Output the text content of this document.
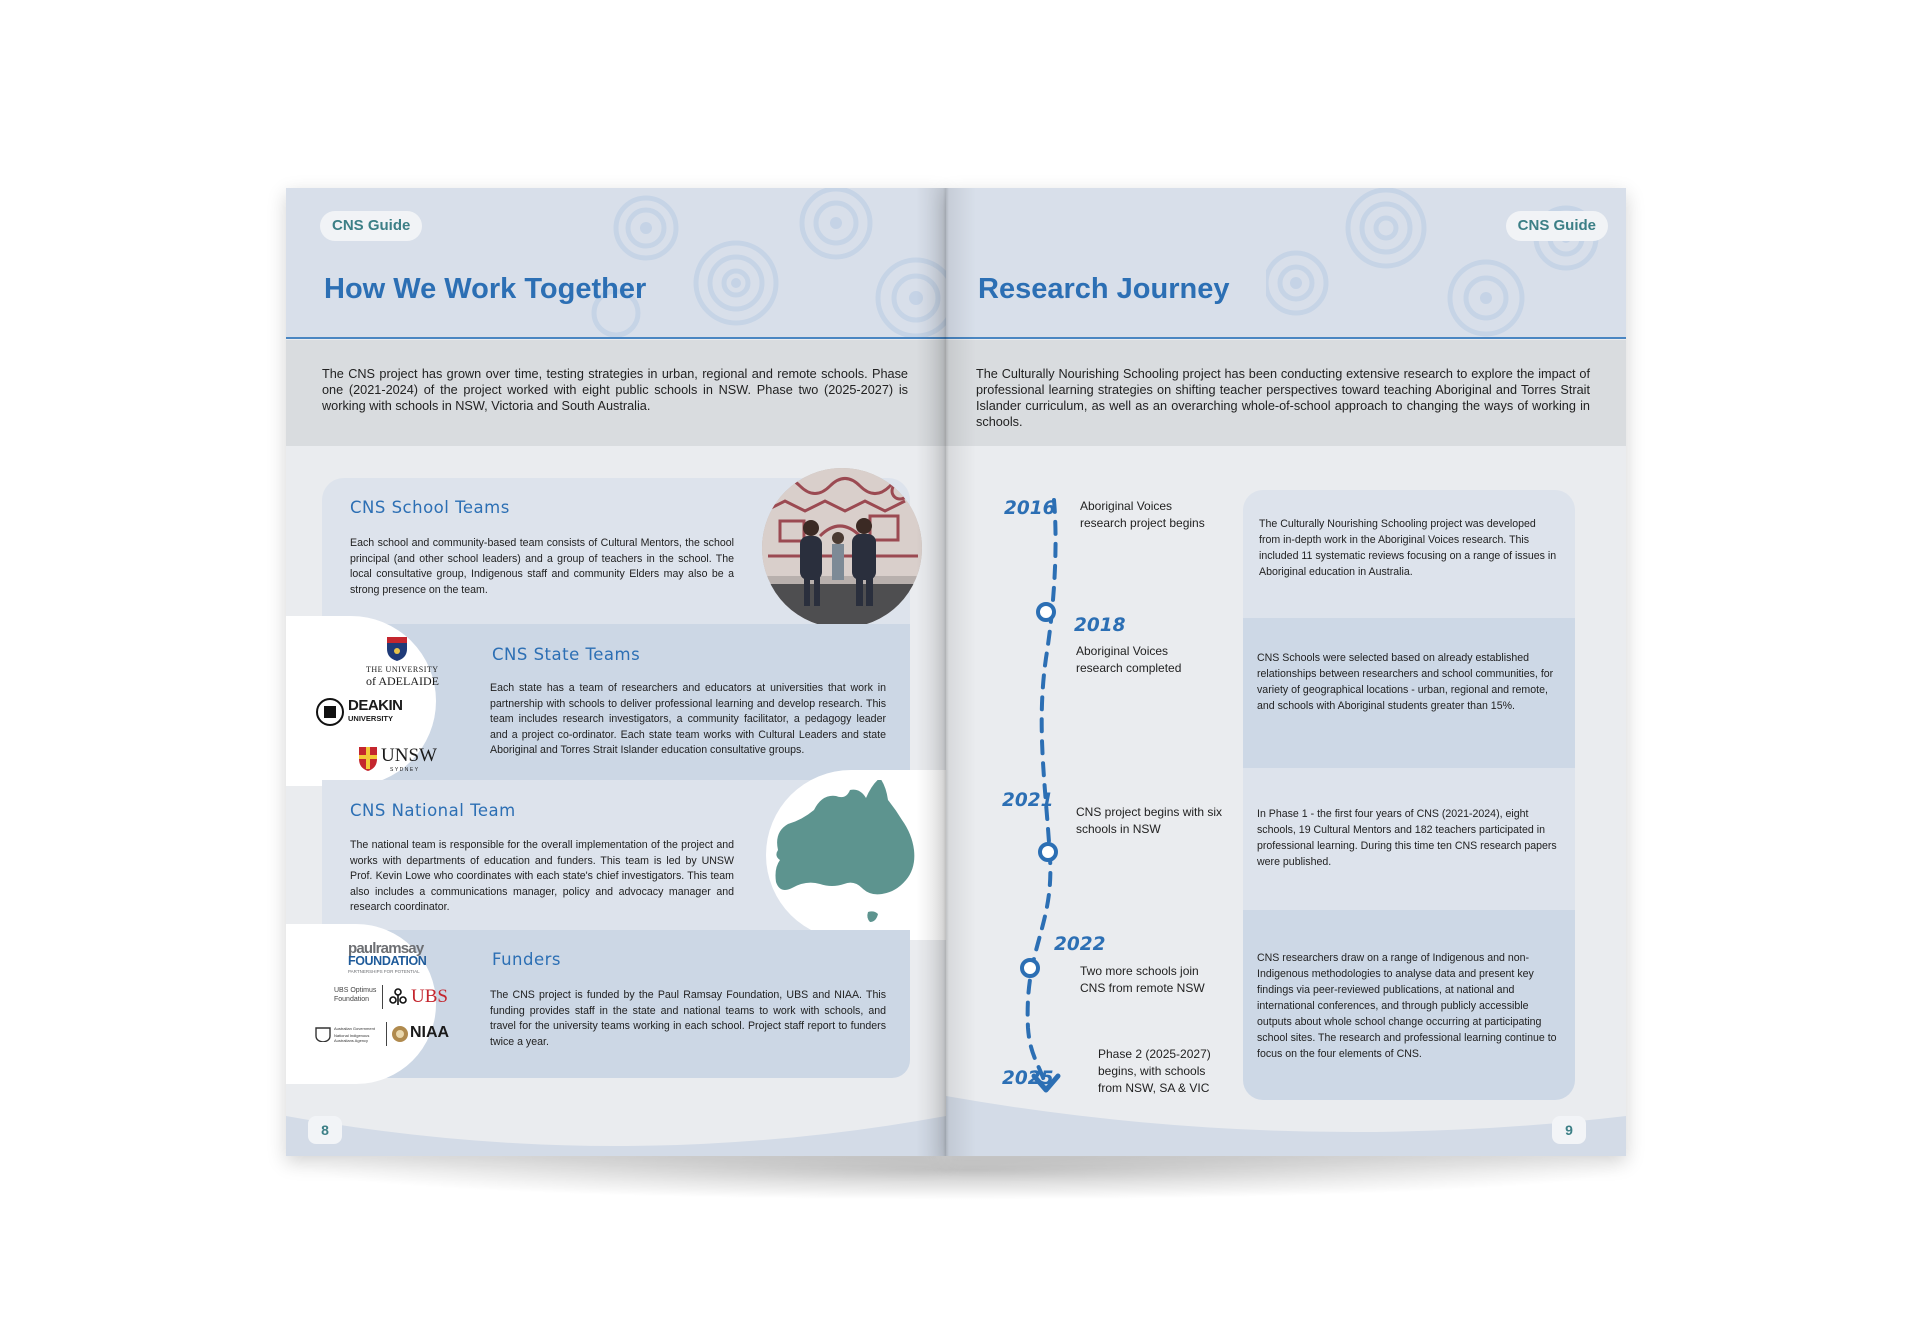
CNS Guide
How We Work Together
The CNS project has grown over time, testing strategies in urban, regional and remote schools. Phase one (2021-2024) of the project worked with eight public schools in NSW. Phase two (2025-2027) is working with schools in NSW, Victoria and South Australia.
CNS School Teams
Each school and community-based team consists of Cultural Mentors, the school principal (and other school leaders) and a group of teachers in the school. The local consultative group, Indigenous staff and community Elders may also be a strong presence on the team.
THE UNIVERSITY
of ADELAIDE
DEAKIN
UNIVERSITY
UNSW
SYDNEY
CNS State Teams
Each state has a team of researchers and educators at universities that work in partnership with schools to deliver professional learning and develop research. This team includes research investigators, a community facilitator, a pedagogy leader and a project co-ordinator. Each state team works with Cultural Leaders and state Aboriginal and Torres Strait Islander education consultative groups.
CNS National Team
The national team is responsible for the overall implementation of the project and works with departments of education and funders. This team is led by UNSW Prof. Kevin Lowe who coordinates with each state's chief investigators. This team also includes a communications manager, policy and advocacy manager and research coordinator.
paulramsay
FOUNDATION
PARTNERSHIPS FOR POTENTIAL
UBS Optimus Foundation	UBS
Australian Government
National Indigenous Australians Agency	NIAA
Funders
The CNS project is funded by the Paul Ramsay Foundation, UBS and NIAA. This funding provides staff in the state and national teams to work with schools, and travel for the university teams working in each school. Project staff report to funders twice a year.
8
CNS Guide
Research Journey
The Culturally Nourishing Schooling project has been conducting extensive research to explore the impact of professional learning strategies on shifting teacher perspectives toward teaching Aboriginal and Torres Strait Islander curriculum, as well as an overarching whole-of-school approach to changing the ways of working in schools.
2016 Aboriginal Voices research project begins
2018
Aboriginal Voices research completed
2021
CNS project begins with six schools in NSW
2022
Two more schools join CNS from remote NSW
2025
Phase 2 (2025-2027) begins, with schools from NSW, SA & VIC
The Culturally Nourishing Schooling project was developed from in-depth work in the Aboriginal Voices research. This included 11 systematic reviews focusing on a range of issues in Aboriginal education in Australia.
CNS Schools were selected based on already established relationships between researchers and school communities, for variety of geographical locations - urban, regional and remote, and schools with Aboriginal students greater than 15%.
In Phase 1 - the first four years of CNS (2021-2024), eight schools, 19 Cultural Mentors and 182 teachers participated in professional learning. During this time ten CNS research papers were published.
CNS researchers draw on a range of Indigenous and non-Indigenous methodologies to analyse data and present key findings via peer-reviewed publications, at national and international conferences, and through publicly accessible outputs about whole school change occurring at participating school sites. The research and professional learning continue to focus on the four elements of CNS.
9
